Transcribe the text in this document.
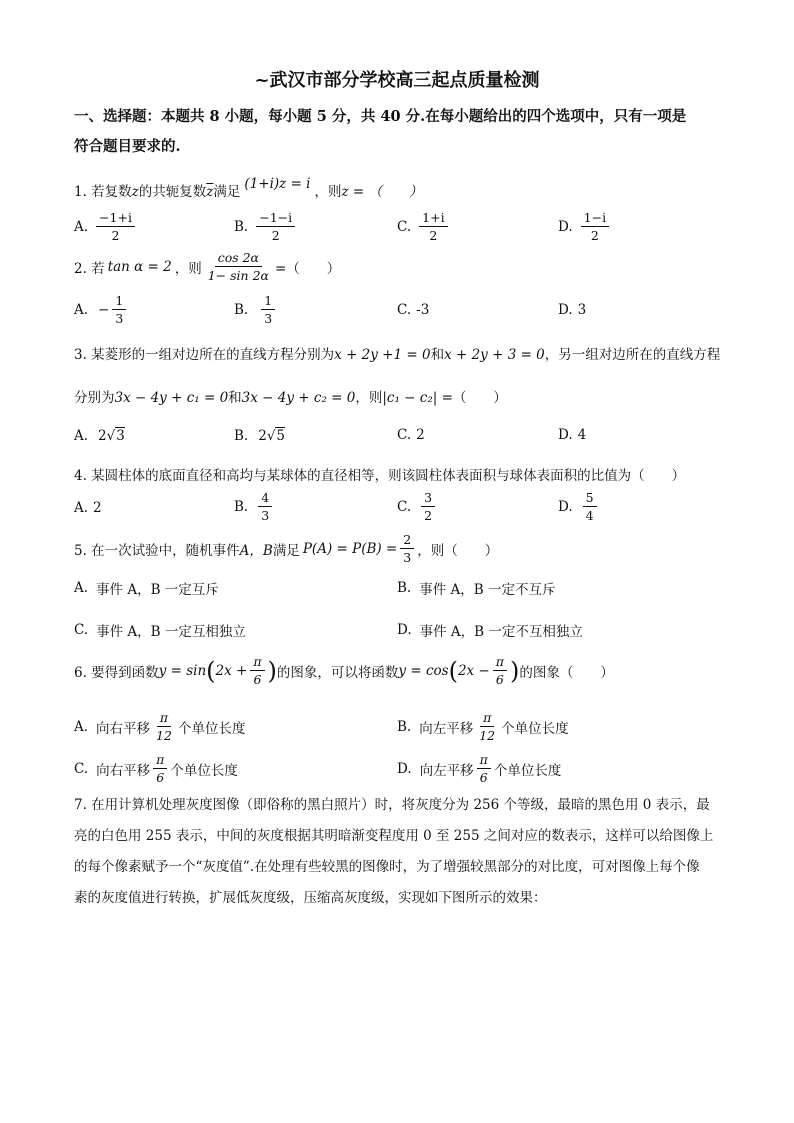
~武汉市部分学校高三起点质量检测
一、选择题：本题共 8 小题，每小题 5 分，共 40 分.在每小题给出的四个选项中，只有一项是
符合题目要求的.
1. 若复数z的共轭复数$\overline{z}$满足 (1+i)z = i ，则z = （　　）
A. $\frac{-1+i}{2}$	B. $\frac{-1-i}{2}$	C. $\frac{1+i}{2}$	D. $\frac{1-i}{2}$
2. 若 tan α = 2 ，则 $\frac{\cos 2\alpha}{1- \sin 2\alpha}$ =（　　）
A. − $\frac{1}{3}$	B. $\frac{1}{3}$	C. -3	D. 3
3. 某菱形的一组对边所在的直线方程分别为x + 2y +1 = 0和x + 2y + 3 = 0，另一组对边所在的直线方程
分别为3x − 4y + c₁ = 0和3x − 4y + c₂ = 0，则|c₁ − c₂| =（　　）
A. 2 √ 3	B. 2 √ 5	C. 2	D. 4
4. 某圆柱体的底面直径和高均与某球体的直径相等，则该圆柱体表面积与球体表面积的比值为（　　）
A. 2	B. $\frac{4}{3}$	C. $\frac{3}{2}$	D. $\frac{5}{4}$
5. 在一次试验中，随机事件 A，B 满足 $P(A) = P(B) = \frac{2}{3}$ ，则（　　）
A. 事件 A，B 一定互斥	B. 事件 A，B 一定不互斥
C. 事件 A，B 一定互相独立	D. 事件 A，B 一定不互相独立
6. 要得到函数 y = sin ( $2x + \frac{\pi}{6}$ ) 的图象，可以将函数 y = cos ( $2x - \frac{\pi}{6}$ ) 的图象（　　）
A. 向右平移 $\frac{\pi}{12}$ 个单位长度	B. 向左平移 $\frac{\pi}{12}$ 个单位长度
C. 向右平移 $\frac{\pi}{6}$ 个单位长度	D. 向左平移 $\frac{\pi}{6}$ 个单位长度
7. 在用计算机处理灰度图像（即俗称的黑白照片）时，将灰度分为 256 个等级，最暗的黑色用 0 表示，最
亮的白色用 255 表示，中间的灰度根据其明暗渐变程度用 0 至 255 之间对应的数表示，这样可以给图像上
的每个像素赋予一个“灰度值”.在处理有些较黑的图像时，为了增强较黑部分的对比度，可对图像上每个像
素的灰度值进行转换，扩展低灰度级，压缩高灰度级，实现如下图所示的效果：
